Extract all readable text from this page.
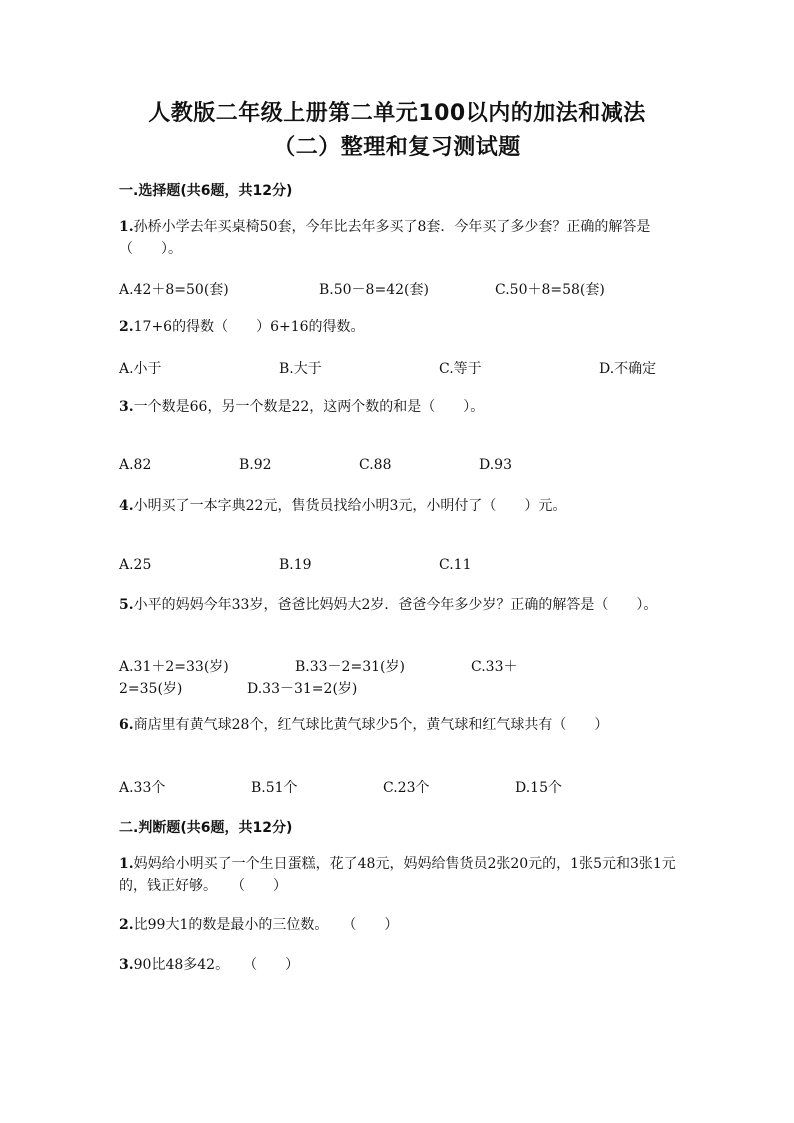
人教版二年级上册第二单元100以内的加法和减法
（二）整理和复习测试题
一.选择题(共6题，共12分)
1.孙桥小学去年买桌椅50套，今年比去年多买了8套．今年买了多少套？正确的解答是（　　）。
A.42＋8=50(套)	B.50－8=42(套)	C.50＋8=58(套)
2.17+6的得数（　　）6+16的得数。
A.小于	B.大于	C.等于	D.不确定
3.一个数是66，另一个数是22，这两个数的和是（　　）。
A.82	B.92	C.88	D.93
4.小明买了一本字典22元，售货员找给小明3元，小明付了（　　）元。
A.25	B.19	C.11
5.小平的妈妈今年33岁，爸爸比妈妈大2岁．爸爸今年多少岁？正确的解答是（　　）。
A.31＋2=33(岁)	B.33－2=31(岁)	C.33＋
2=35(岁)	D.33－31=2(岁)
6.商店里有黄气球28个，红气球比黄气球少5个，黄气球和红气球共有（　　）
A.33个	B.51个	C.23个	D.15个
二.判断题(共6题，共12分)
1.妈妈给小明买了一个生日蛋糕，花了48元，妈妈给售货员2张20元的，1张5元和3张1元的，钱正好够。　　（　　）
2.比99大1的数是最小的三位数。　　（　　）
3.90比48多42。　　（　　）
